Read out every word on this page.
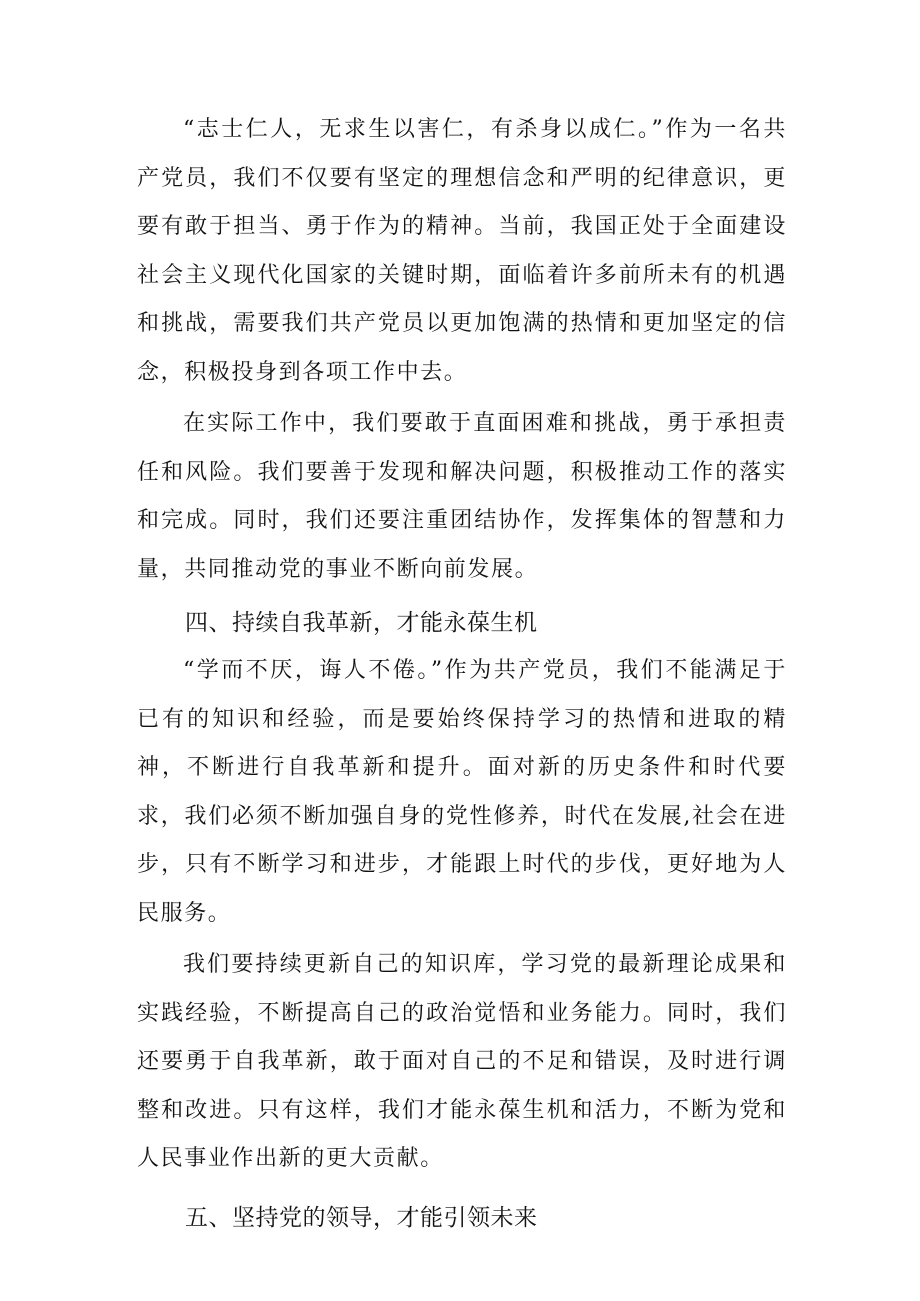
“志士仁人，无求生以害仁，有杀身以成仁。”作为一名共产党员，我们不仅要有坚定的理想信念和严明的纪律意识，更要有敢于担当、勇于作为的精神。当前，我国正处于全面建设社会主义现代化国家的关键时期，面临着许多前所未有的机遇和挑战，需要我们共产党员以更加饱满的热情和更加坚定的信念，积极投身到各项工作中去。

在实际工作中，我们要敢于直面困难和挑战，勇于承担责任和风险。我们要善于发现和解决问题，积极推动工作的落实和完成。同时，我们还要注重团结协作，发挥集体的智慧和力量，共同推动党的事业不断向前发展。

四、持续自我革新，才能永葆生机

“学而不厌，诲人不倦。”作为共产党员，我们不能满足于已有的知识和经验，而是要始终保持学习的热情和进取的精神，不断进行自我革新和提升。面对新的历史条件和时代要求，我们必须不断加强自身的党性修养，时代在发展,社会在进步，只有不断学习和进步，才能跟上时代的步伐，更好地为人民服务。

我们要持续更新自己的知识库，学习党的最新理论成果和实践经验，不断提高自己的政治觉悟和业务能力。同时，我们还要勇于自我革新，敢于面对自己的不足和错误，及时进行调整和改进。只有这样，我们才能永葆生机和活力，不断为党和人民事业作出新的更大贡献。

五、坚持党的领导，才能引领未来
